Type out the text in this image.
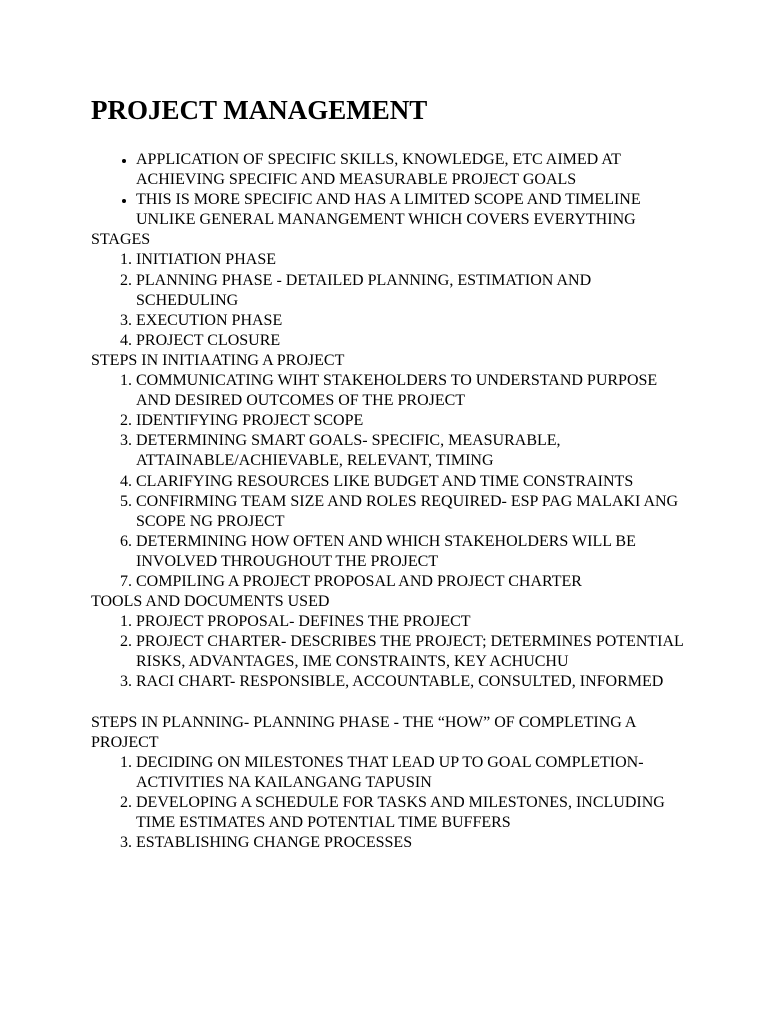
PROJECT MANAGEMENT
• APPLICATION OF SPECIFIC SKILLS, KNOWLEDGE, ETC AIMED AT ACHIEVING SPECIFIC AND MEASURABLE PROJECT GOALS
• THIS IS MORE SPECIFIC AND HAS A LIMITED SCOPE AND TIMELINE UNLIKE GENERAL MANANGEMENT WHICH COVERS EVERYTHING

STAGES

1. INITIATION PHASE
2. PLANNING PHASE - DETAILED PLANNING, ESTIMATION AND SCHEDULING
3. EXECUTION PHASE
4. PROJECT CLOSURE

STEPS IN INITIAATING A PROJECT

1. COMMUNICATING WIHT STAKEHOLDERS TO UNDERSTAND PURPOSE AND DESIRED OUTCOMES OF THE PROJECT
2. IDENTIFYING PROJECT SCOPE
3. DETERMINING SMART GOALS- SPECIFIC, MEASURABLE, ATTAINABLE/ACHIEVABLE, RELEVANT, TIMING
4. CLARIFYING RESOURCES LIKE BUDGET AND TIME CONSTRAINTS
5. CONFIRMING TEAM SIZE AND ROLES REQUIRED- ESP PAG MALAKI ANG SCOPE NG PROJECT
6. DETERMINING HOW OFTEN AND WHICH STAKEHOLDERS WILL BE INVOLVED THROUGHOUT THE PROJECT
7. COMPILING A PROJECT PROPOSAL AND PROJECT CHARTER

TOOLS AND DOCUMENTS USED

1. PROJECT PROPOSAL- DEFINES THE PROJECT
2. PROJECT CHARTER- DESCRIBES THE PROJECT; DETERMINES POTENTIAL RISKS, ADVANTAGES, IME CONSTRAINTS, KEY ACHUCHU
3. RACI CHART- RESPONSIBLE, ACCOUNTABLE, CONSULTED, INFORMED

STEPS IN PLANNING- PLANNING PHASE - THE “HOW” OF COMPLETING A PROJECT

1. DECIDING ON MILESTONES THAT LEAD UP TO GOAL COMPLETION- ACTIVITIES NA KAILANGANG TAPUSIN
2. DEVELOPING A SCHEDULE FOR TASKS AND MILESTONES, INCLUDING TIME ESTIMATES AND POTENTIAL TIME BUFFERS
3. ESTABLISHING CHANGE PROCESSES
